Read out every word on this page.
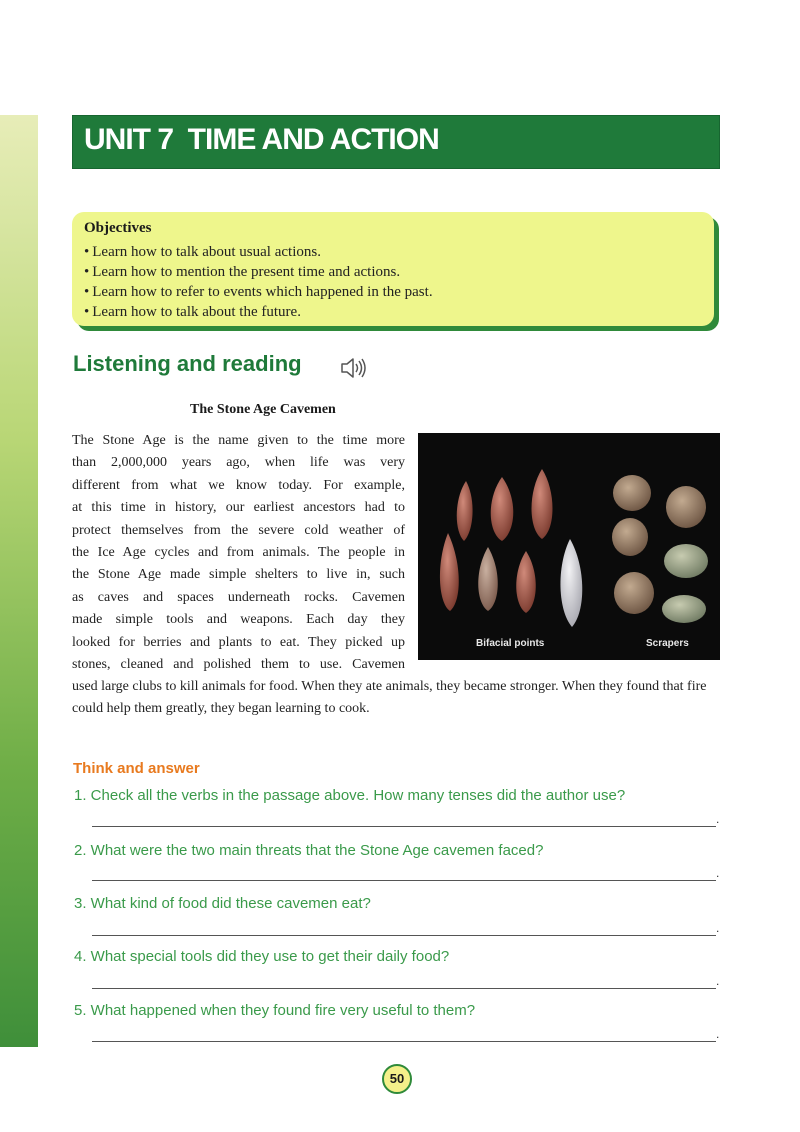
UNIT 7  TIME AND ACTION
Objectives
• Learn how to talk about usual actions.
• Learn how to mention the present time and actions.
• Learn how to refer to events which happened in the past.
• Learn how to talk about the future.
Listening and reading
The Stone Age Cavemen
The Stone Age is the name given to the time more
than 2,000,000 years ago, when life was very
different from what we know today. For example,
at this time in history, our earliest ancestors had to
protect themselves from the severe cold weather of
the Ice Age cycles and from animals. The people in
the Stone Age made simple shelters to live in, such
as caves and spaces underneath rocks. Cavemen
made simple tools and weapons. Each day they
looked for berries and plants to eat. They picked up
stones, cleaned and polished them to use. Cavemen
Bifacial points	Scrapers
used large clubs to kill animals for food. When they ate animals, they became stronger. When they found that fire could help them greatly, they began learning to cook.
Think and answer
1. Check all the verbs in the passage above. How many tenses did the author use?
.
2. What were the two main threats that the Stone Age cavemen faced?
.
3. What kind of food did these cavemen eat?
.
4. What special tools did they use to get their daily food?
.
5. What happened when they found fire very useful to them?
.
50
